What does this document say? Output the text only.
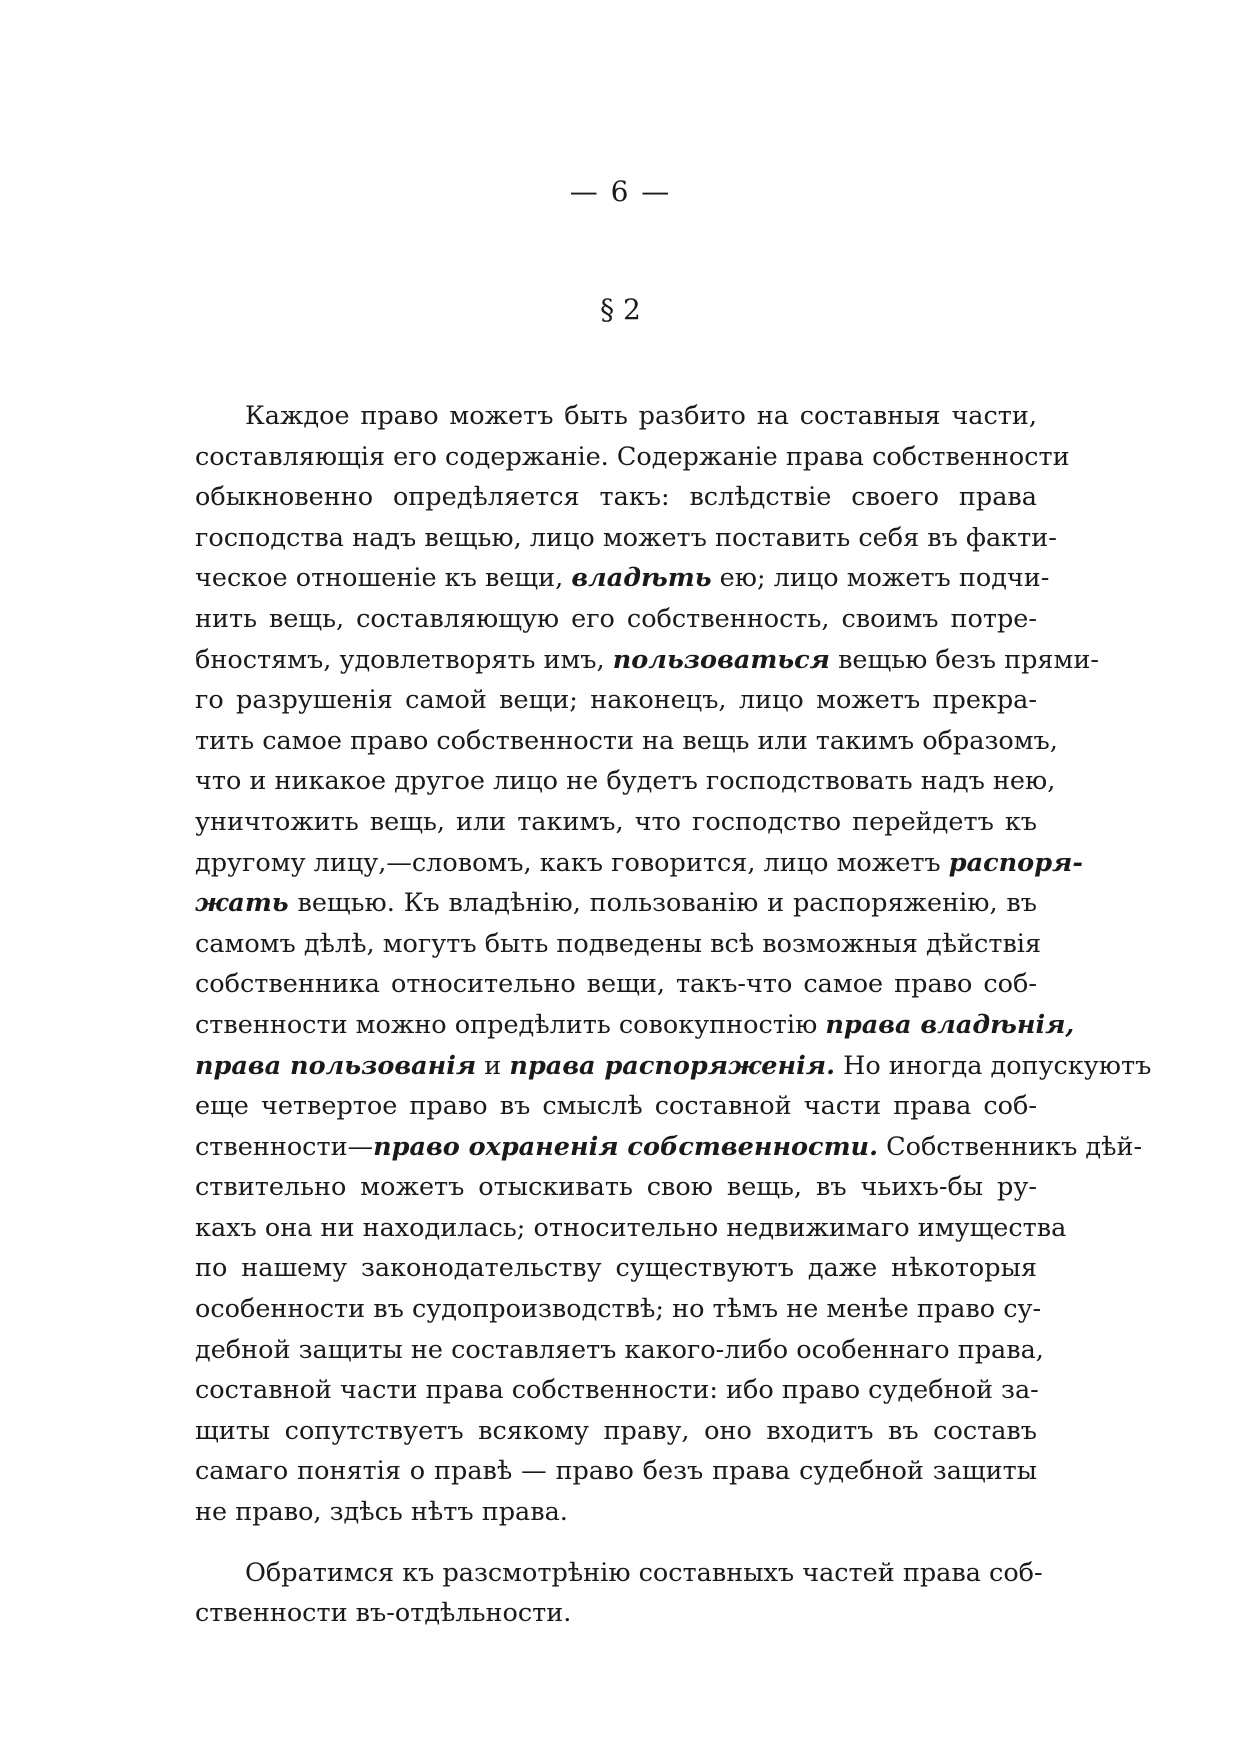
— 6 —
§ 2
Каждое право можетъ быть разбито на составныя части,
составляющія его содержаніе. Содержаніе права собственности
обыкновенно опредѣляется такъ: вслѣдствіе своего права
господства надъ вещью, лицо можетъ поставить себя въ факти-
ческое отношеніе къ вещи, владѣть ею; лицо можетъ подчи-
нить вещь, составляющую его собственность, своимъ потре-
бностямъ, удовлетворять имъ, пользоваться вещью безъ прями-
го разрушенія самой вещи; наконецъ, лицо можетъ прекра-
тить самое право собственности на вещь или такимъ образомъ,
что и никакое другое лицо не будетъ господствовать надъ нею,
уничтожить вещь, или такимъ, что господство перейдетъ къ
другому лицу,—словомъ, какъ говорится, лицо можетъ распоря-
жать вещью. Къ владѣнію, пользованію и распоряженію, въ
самомъ дѣлѣ, могутъ быть подведены всѣ возможныя дѣйствія
собственника относительно вещи, такъ-что самое право соб-
ственности можно опредѣлить совокупностію права владѣнія,
права пользованія и права распоряженія. Но иногда допускуютъ
еще четвертое право въ смыслѣ составной части права соб-
ственности—право охраненія собственности. Собственникъ дѣй-
ствительно можетъ отыскивать свою вещь, въ чьихъ-бы ру-
кахъ она ни находилась; относительно недвижимаго имущества
по нашему законодательству существуютъ даже нѣкоторыя
особенности въ судопроизводствѣ; но тѣмъ не менѣе право су-
дебной защиты не составляетъ какого-либо особеннаго права,
составной части права собственности: ибо право судебной за-
щиты сопутствуетъ всякому праву, оно входитъ въ составъ
самаго понятія о правѣ — право безъ права судебной защиты
не право, здѣсь нѣтъ права.
Обратимся къ разсмотрѣнію составныхъ частей права соб-
ственности въ-отдѣльности.
